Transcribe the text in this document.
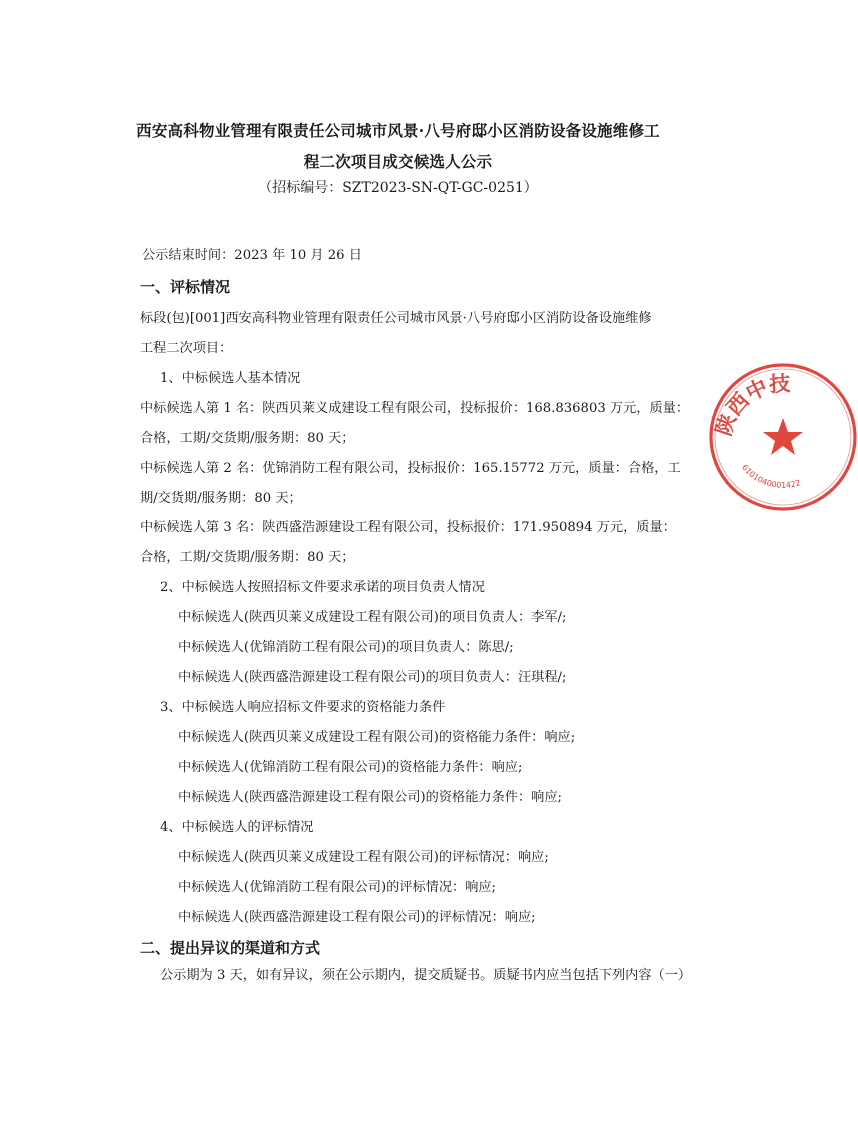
西安高科物业管理有限责任公司城市风景·八号府邸小区消防设备设施维修工
程二次项目成交候选人公示
（招标编号：SZT2023-SN-QT-GC-0251）
公示结束时间：2023 年 10 月 26 日
一、评标情况
标段(包)[001]西安高科物业管理有限责任公司城市风景·八号府邸小区消防设备设施维修
工程二次项目：
1、中标候选人基本情况
中标候选人第 1 名：陕西贝莱义成建设工程有限公司，投标报价：168.836803 万元，质量：
合格，工期/交货期/服务期：80 天；
中标候选人第 2 名：优锦消防工程有限公司，投标报价：165.15772 万元，质量：合格，工
期/交货期/服务期：80 天；
中标候选人第 3 名：陕西盛浩源建设工程有限公司，投标报价：171.950894 万元，质量：
合格，工期/交货期/服务期：80 天；
2、中标候选人按照招标文件要求承诺的项目负责人情况
中标候选人(陕西贝莱义成建设工程有限公司)的项目负责人：李军/;
中标候选人(优锦消防工程有限公司)的项目负责人：陈思/;
中标候选人(陕西盛浩源建设工程有限公司)的项目负责人：汪琪程/;
3、中标候选人响应招标文件要求的资格能力条件
中标候选人(陕西贝莱义成建设工程有限公司)的资格能力条件：响应;
中标候选人(优锦消防工程有限公司)的资格能力条件：响应;
中标候选人(陕西盛浩源建设工程有限公司)的资格能力条件：响应;
4、中标候选人的评标情况
中标候选人(陕西贝莱义成建设工程有限公司)的评标情况：响应;
中标候选人(优锦消防工程有限公司)的评标情况：响应;
中标候选人(陕西盛浩源建设工程有限公司)的评标情况：响应;
二、提出异议的渠道和方式
公示期为 3 天，如有异议，须在公示期内，提交质疑书。质疑书内应当包括下列内容（一）
陕西中技
6101040001422
